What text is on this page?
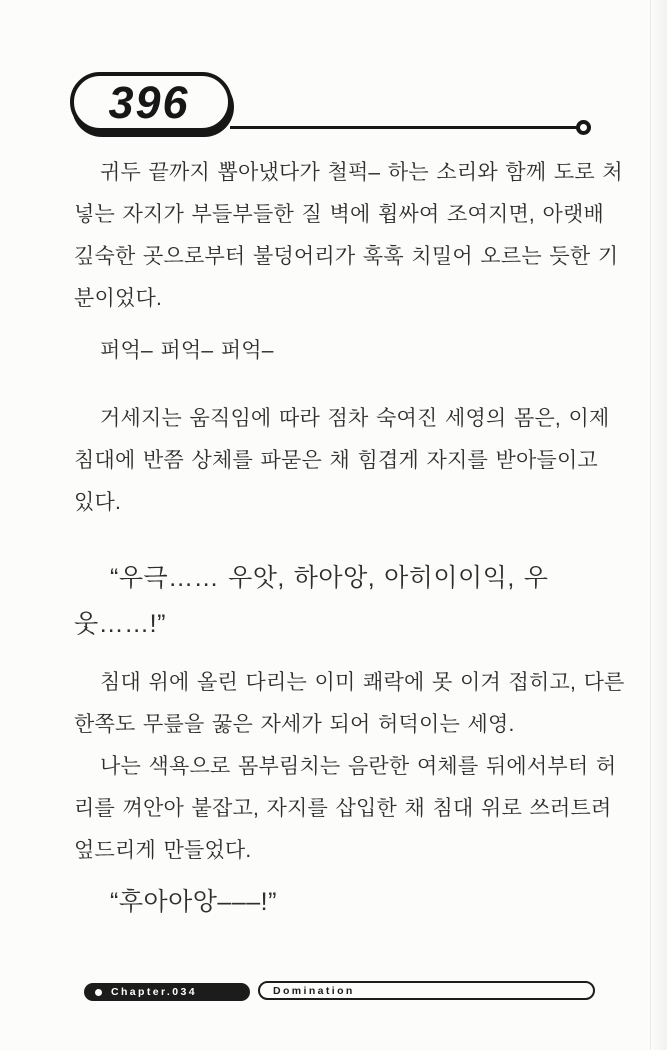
396
귀두 끝까지 뽑아냈다가 철퍽– 하는 소리와 함께 도로 처
넣는 자지가 부들부들한 질 벽에 휩싸여 조여지면, 아랫배
깊숙한 곳으로부터 불덩어리가 훅훅 치밀어 오르는 듯한 기
분이었다.
퍼억– 퍼억– 퍼억–
거세지는 움직임에 따라 점차 숙여진 세영의 몸은, 이제
침대에 반쯤 상체를 파묻은 채 힘겹게 자지를 받아들이고
있다.
“우극…… 우앗, 하아앙, 아히이이익, 우
웃……!”
침대 위에 올린 다리는 이미 쾌락에 못 이겨 접히고, 다른
한쪽도 무릎을 꿇은 자세가 되어 허덕이는 세영.
나는 색욕으로 몸부림치는 음란한 여체를 뒤에서부터 허
리를 껴안아 붙잡고, 자지를 삽입한 채 침대 위로 쓰러트려
엎드리게 만들었다.
“후아아앙–––!”
Chapter.034	Domination
